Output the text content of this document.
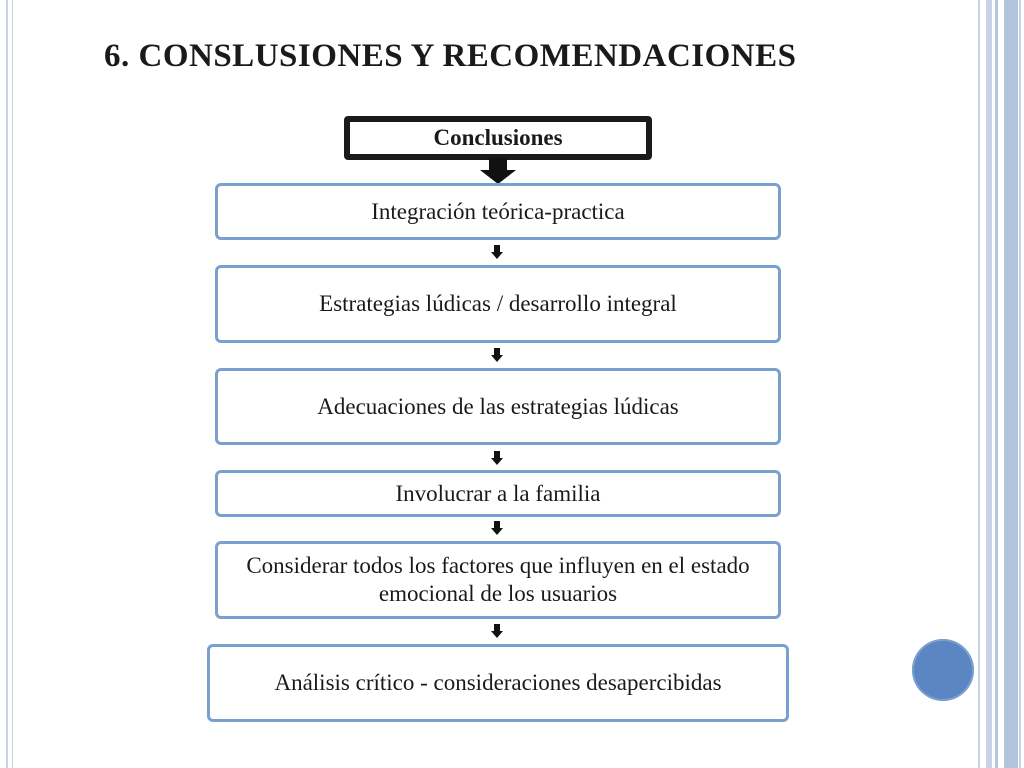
6. CONSLUSIONES Y RECOMENDACIONES
Conclusiones
Integración teórica-practica
Estrategias lúdicas / desarrollo integral
Adecuaciones de las estrategias lúdicas
Involucrar a la familia
Considerar todos los factores que influyen en el estado emocional de los usuarios
Análisis crítico - consideraciones desapercibidas
